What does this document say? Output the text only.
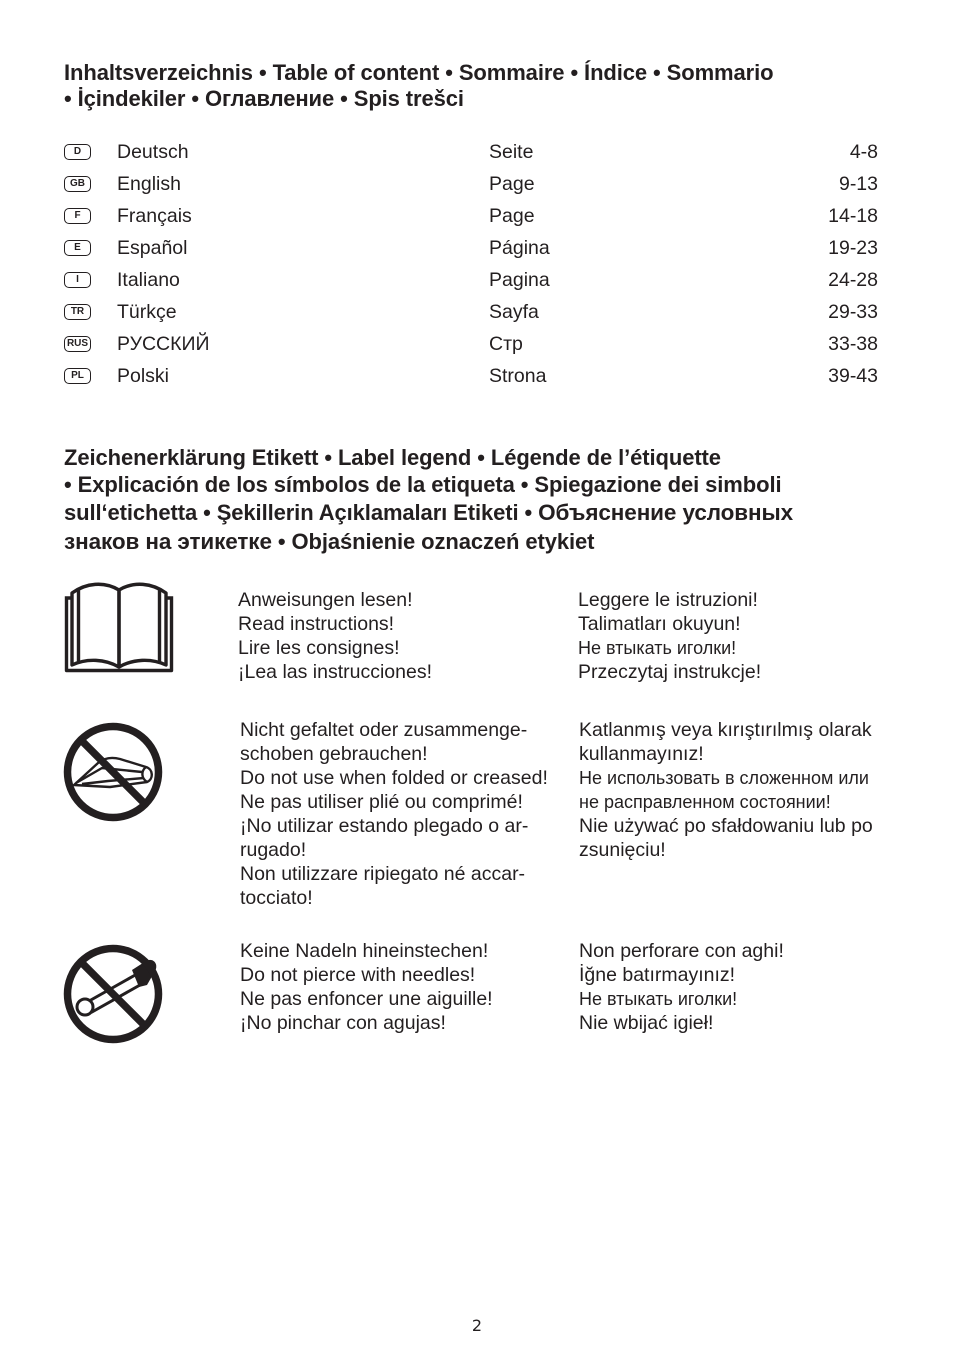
Inhaltsverzeichnis • Table of content • Sommaire • Índice • Sommario
• İçindekiler • Оглавление • Spis trešci
D	Deutsch	Seite	4-8
GB	English	Page	9-13
F	Français	Page	14-18
E	Español	Página	19-23
I	Italiano	Pagina	24-28
TR	Türkçe	Sayfa	29-33
RUS РУССКИЙ	Стр	33-38
PL	Polski	Strona	39-43
Zeichenerklärung Etikett • Label legend • Légende de l’étiquette
• Explicación de los símbolos de la etiqueta • Spiegazione dei simboli
sull‘etichetta • Şekillerin Açıklamaları Etiketi • Объяснение условных
знаков на этикетке • Objaśnienie oznaczeń etykiet
Anweisungen lesen!
Read instructions!
Lire les consignes!
¡Lea las instrucciones!
Leggere le istruzioni!
Talimatları okuyun!
Не втыкать иголки!
Przeczytaj instrukcje!
Nicht gefaltet oder zusammenge-
schoben gebrauchen!
Do not use when folded or creased!
Ne pas utiliser plié ou comprimé!
¡No utilizar estando plegado o ar-
rugado!
Non utilizzare ripiegato né accar-
tocciato!
Katlanmış veya kırıştırılmış olarak
kullanmayınız!
Не использовать в сложенном или
не расправленном состоянии!
Nie używać po sfałdowaniu lub po
zsunięciu!
Keine Nadeln hineinstechen!
Do not pierce with needles!
Ne pas enfoncer une aiguille!
¡No pinchar con agujas!
Non perforare con aghi!
İğne batırmayınız!
Не втыкать иголки!
Nie wbijać igieł!
2
